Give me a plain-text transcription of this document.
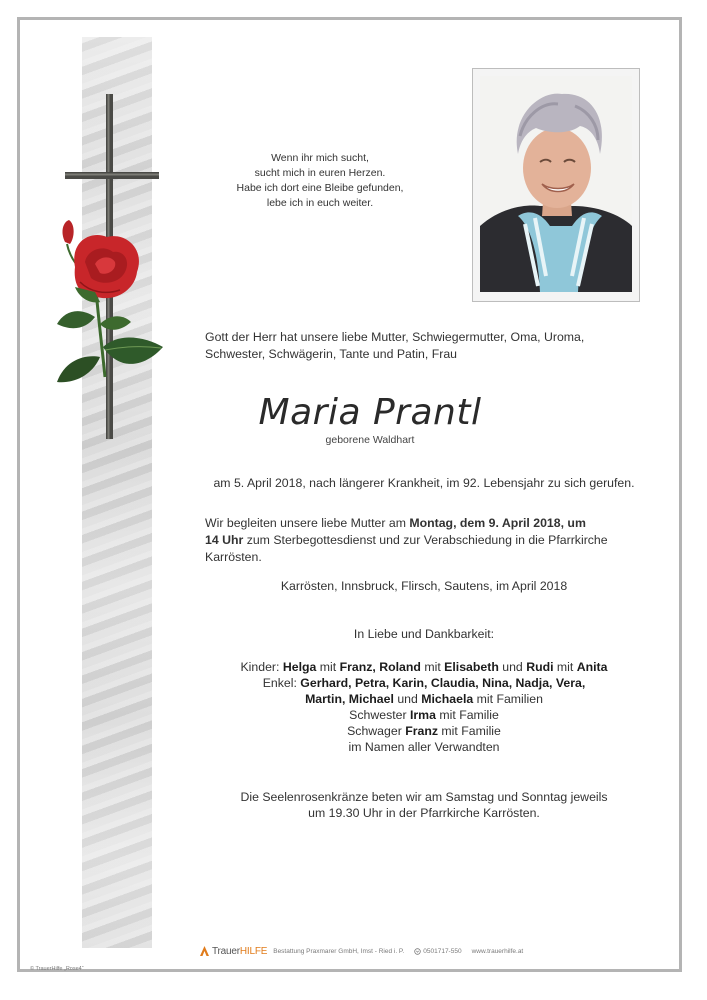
Wenn ihr mich sucht,
sucht mich in euren Herzen.
Habe ich dort eine Bleibe gefunden,
lebe ich in euch weiter.
Gott der Herr hat unsere liebe Mutter, Schwiegermutter, Oma, Uroma,
Schwester, Schwägerin, Tante und Patin, Frau
Maria Prantl
geborene Waldhart
am 5. April 2018, nach längerer Krankheit, im 92. Lebensjahr zu sich gerufen.
Wir begleiten unsere liebe Mutter am Montag, dem 9. April 2018, um
14 Uhr zum Sterbegottesdienst und zur Verabschiedung in die Pfarrkirche
Karrösten.
Karrösten, Innsbruck, Flirsch, Sautens, im April 2018
In Liebe und Dankbarkeit:
Kinder: Helga mit Franz, Roland mit Elisabeth und Rudi mit Anita
Enkel: Gerhard, Petra, Karin, Claudia, Nina, Nadja, Vera,
Martin, Michael und Michaela mit Familien
Schwester Irma mit Familie
Schwager Franz mit Familie
im Namen aller Verwandten
Die Seelenrosenkränze beten wir am Samstag und Sonntag jeweils
um 19.30 Uhr in der Pfarrkirche Karrösten.
TrauerHILFE Bestattung Praxmarer GmbH, Imst - Ried i. P.	0501717-550 www.trauerhilfe.at
© TrauerHilfe „Rose4“
